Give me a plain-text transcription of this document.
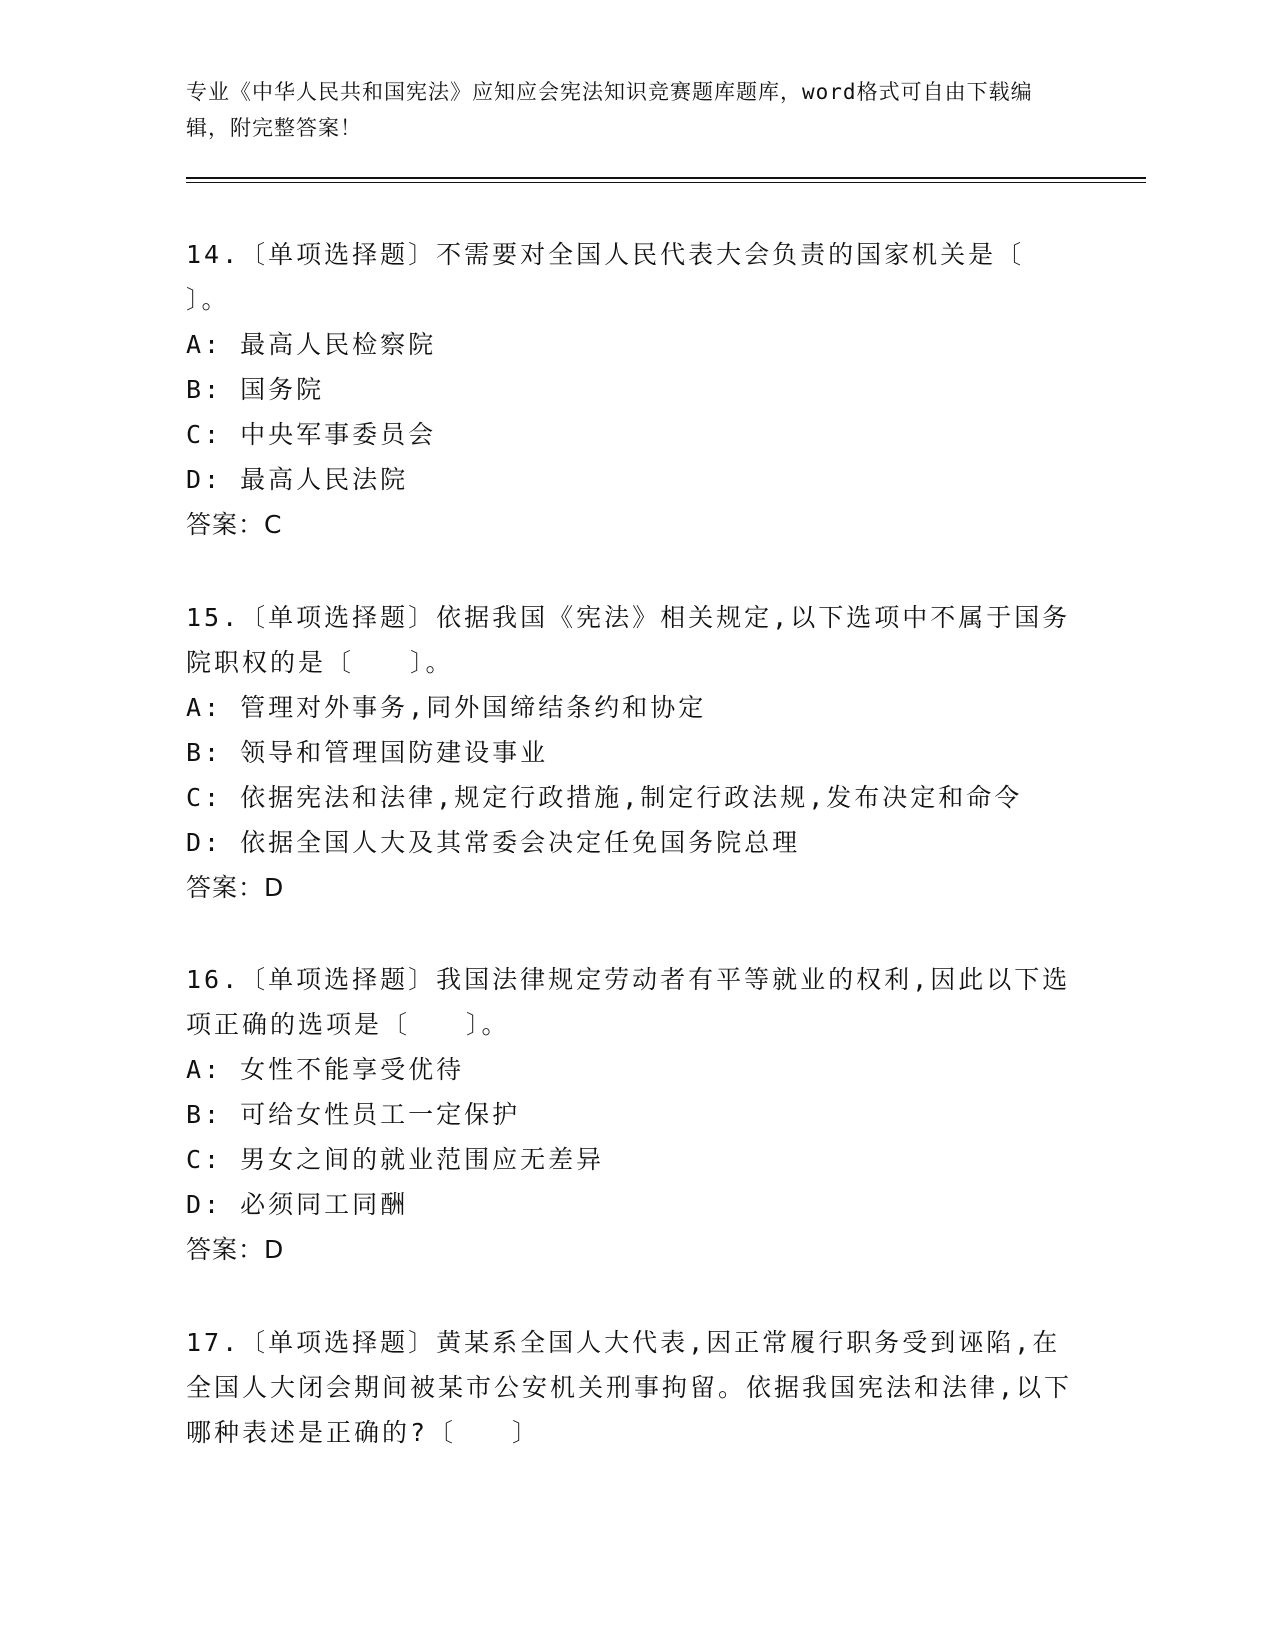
专业《中华人民共和国宪法》应知应会宪法知识竞赛题库题库，word格式可自由下载编辑，附完整答案！

14.〔单项选择题〕不需要对全国人民代表大会负责的国家机关是〔 〕。

A: 最高人民检察院

B: 国务院

C: 中央军事委员会

D: 最高人民法院

答案：C

15.〔单项选择题〕依据我国《宪法》相关规定,以下选项中不属于国务院职权的是〔　　〕。

A: 管理对外事务,同外国缔结条约和协定

B: 领导和管理国防建设事业

C: 依据宪法和法律,规定行政措施,制定行政法规,发布决定和命令

D: 依据全国人大及其常委会决定任免国务院总理

答案：D

16.〔单项选择题〕我国法律规定劳动者有平等就业的权利,因此以下选项正确的选项是〔　　〕。

A: 女性不能享受优待

B: 可给女性员工一定保护

C: 男女之间的就业范围应无差异

D: 必须同工同酬

答案：D

17.〔单项选择题〕黄某系全国人大代表,因正常履行职务受到诬陷,在全国人大闭会期间被某市公安机关刑事拘留。依据我国宪法和法律,以下哪种表述是正确的?〔　　〕
